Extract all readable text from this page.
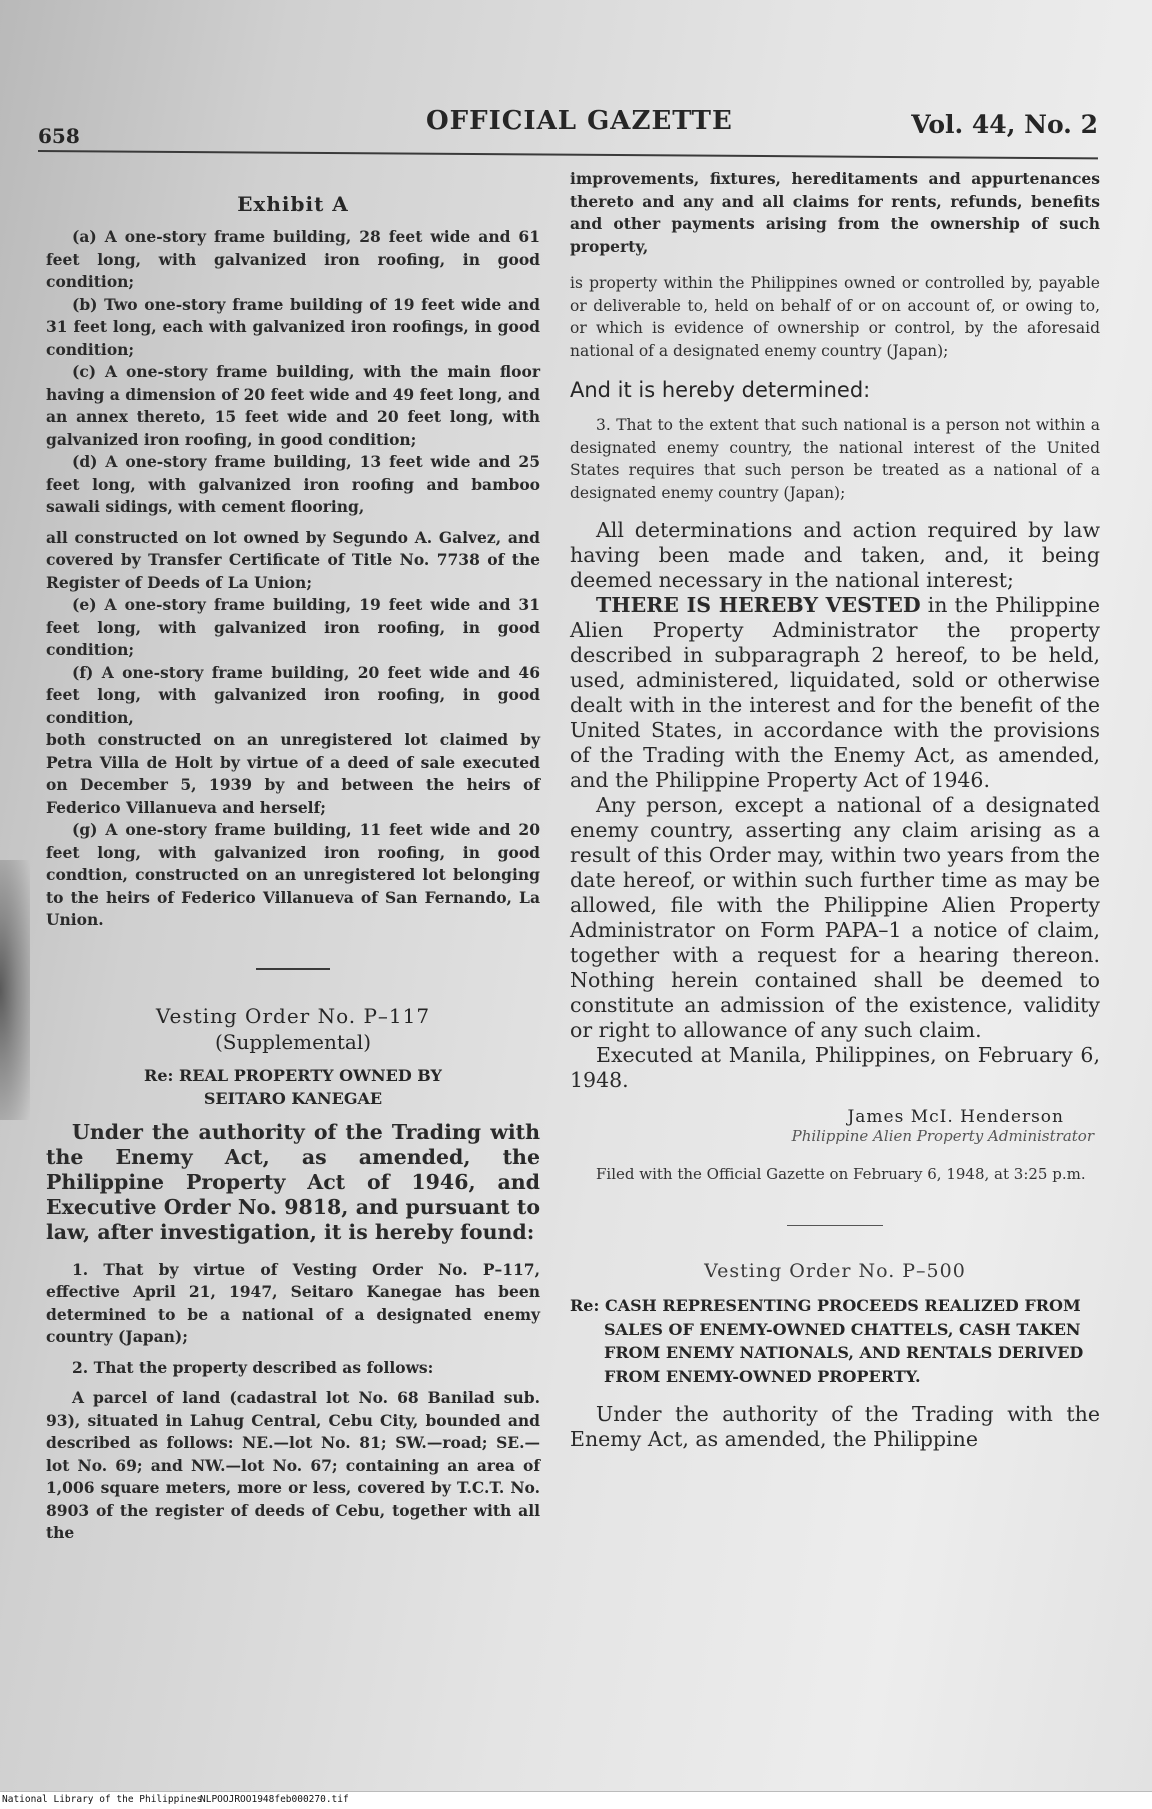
658	OFFICIAL GAZETTE	Vol. 44, No. 2
Exhibit A

(a) A one-story frame building, 28 feet wide and 61 feet long, with galvanized iron roofing, in good condition;

(b) Two one-story frame building of 19 feet wide and 31 feet long, each with galvanized iron roofings, in good condition;

(c) A one-story frame building, with the main floor having a dimension of 20 feet wide and 49 feet long, and an annex thereto, 15 feet wide and 20 feet long, with galvanized iron roofing, in good condition;

(d) A one-story frame building, 13 feet wide and 25 feet long, with galvanized iron roofing and bamboo sawali sidings, with cement flooring,

all constructed on lot owned by Segundo A. Galvez, and covered by Transfer Certificate of Title No. 7738 of the Register of Deeds of La Union;

(e) A one-story frame building, 19 feet wide and 31 feet long, with galvanized iron roofing, in good condition;

(f) A one-story frame building, 20 feet wide and 46 feet long, with galvanized iron roofing, in good condition,

both constructed on an unregistered lot claimed by Petra Villa de Holt by virtue of a deed of sale executed on December 5, 1939 by and between the heirs of Federico Villanueva and herself;

(g) A one-story frame building, 11 feet wide and 20 feet long, with galvanized iron roofing, in good condtion, constructed on an unregistered lot belonging to the heirs of Federico Villanueva of San Fernando, La Union.

Vesting Order No. P–117
(Supplemental)
Re: REAL PROPERTY OWNED BY
SEITARO KANEGAE

Under the authority of the Trading with the Enemy Act, as amended, the Philippine Property Act of 1946, and Executive Order No. 9818, and pursuant to law, after investigation, it is hereby found:

1. That by virtue of Vesting Order No. P–117, effective April 21, 1947, Seitaro Kanegae has been determined to be a national of a designated enemy country (Japan);

2. That the property described as follows:

A parcel of land (cadastral lot No. 68 Banilad sub. 93), situated in Lahug Central, Cebu City, bounded and described as follows: NE.—lot No. 81; SW.—road; SE.—lot No. 69; and NW.—lot No. 67; containing an area of 1,006 square meters, more or less, covered by T.C.T. No. 8903 of the register of deeds of Cebu, together with all the

improvements, fixtures, hereditaments and appurtenances thereto and any and all claims for rents, refunds, benefits and other payments arising from the ownership of such property,

is property within the Philippines owned or controlled by, payable or deliverable to, held on behalf of or on account of, or owing to, or which is evidence of ownership or control, by the aforesaid national of a designated enemy country (Japan);

And it is hereby determined:

3. That to the extent that such national is a person not within a designated enemy country, the national interest of the United States requires that such person be treated as a national of a designated enemy country (Japan);

All determinations and action required by law having been made and taken, and, it being deemed necessary in the national interest;

THERE IS HEREBY VESTED in the Philippine Alien Property Administrator the property described in subparagraph 2 hereof, to be held, used, administered, liquidated, sold or otherwise dealt with in the interest and for the benefit of the United States, in accordance with the provisions of the Trading with the Enemy Act, as amended, and the Philippine Property Act of 1946.

Any person, except a national of a designated enemy country, asserting any claim arising as a result of this Order may, within two years from the date hereof, or within such further time as may be allowed, file with the Philippine Alien Property Administrator on Form PAPA–1 a notice of claim, together with a request for a hearing thereon. Nothing herein contained shall be deemed to constitute an admission of the existence, validity or right to allowance of any such claim.

Executed at Manila, Philippines, on February 6, 1948.

James McI. Henderson
Philippine Alien Property Administrator

Filed with the Official Gazette on February 6, 1948, at 3:25 p.m.

Vesting Order No. P–500
Re: CASH REPRESENTING PROCEEDS REALIZED FROM SALES OF ENEMY-OWNED CHATTELS, CASH TAKEN FROM ENEMY NATIONALS, AND RENTALS DERIVED FROM ENEMY-OWNED PROPERTY.

Under the authority of the Trading with the Enemy Act, as amended, the Philippine

National Library of the Philippines
NLPOOJROO1948feb000270.tif
